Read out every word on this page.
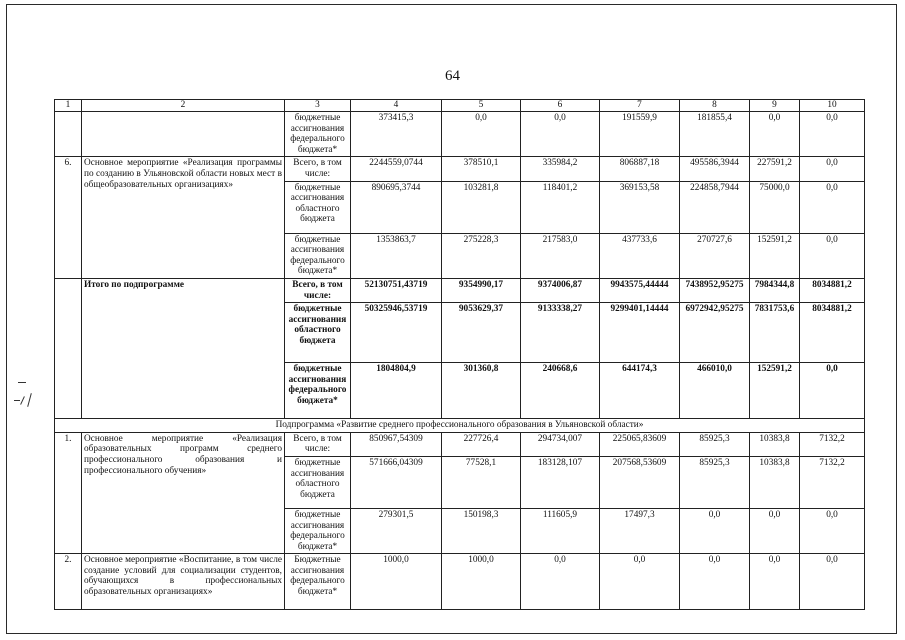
64
1	2	3	4	5	6	7	8	9	10
		бюджетные ассигнования федерального бюджета*	373415,3	0,0	0,0	191559,9	181855,4	0,0	0,0
6.	Основное мероприятие «Реализация программы по созданию в Ульяновской области новых мест в общеобразовательных организациях»	Всего, в том числе:	2244559,0744	378510,1	335984,2	806887,18	495586,3944	227591,2	0,0
		бюджетные ассигнования областного бюджета	890695,3744	103281,8	118401,2	369153,58	224858,7944	75000,0	0,0
		бюджетные ассигнования федерального бюджета*	1353863,7	275228,3	217583,0	437733,6	270727,6	152591,2	0,0
	Итого по подпрограмме	Всего, в том числе:	52130751,43719	9354990,17	9374006,87	9943575,44444	7438952,95275	7984344,8	8034881,2
		бюджетные ассигнования областного бюджета	50325946,53719	9053629,37	9133338,27	9299401,14444	6972942,95275	7831753,6	8034881,2
		бюджетные ассигнования федерального бюджета*	1804804,9	301360,8	240668,6	644174,3	466010,0	152591,2	0,0
Подпрограмма «Развитие среднего профессионального образования в Ульяновской области»									
1.	Основное мероприятие «Реализация образовательных программ среднего профессионального образования и профессионального обучения»	Всего, в том числе:	850967,54309	227726,4	294734,007	225065,83609	85925,3	10383,8	7132,2
		бюджетные ассигнования областного бюджета	571666,04309	77528,1	183128,107	207568,53609	85925,3	10383,8	7132,2
		бюджетные ассигнования федерального бюджета*	279301,5	150198,3	111605,9	17497,3	0,0	0,0	0,0
2.	Основное мероприятие «Воспитание, в том числе создание условий для социализации студентов, обучающихся в профессиональных образовательных организациях»	Бюджетные ассигнования федерального бюджета*	1000,0	1000,0	0,0	0,0	0,0	0,0	0,0
